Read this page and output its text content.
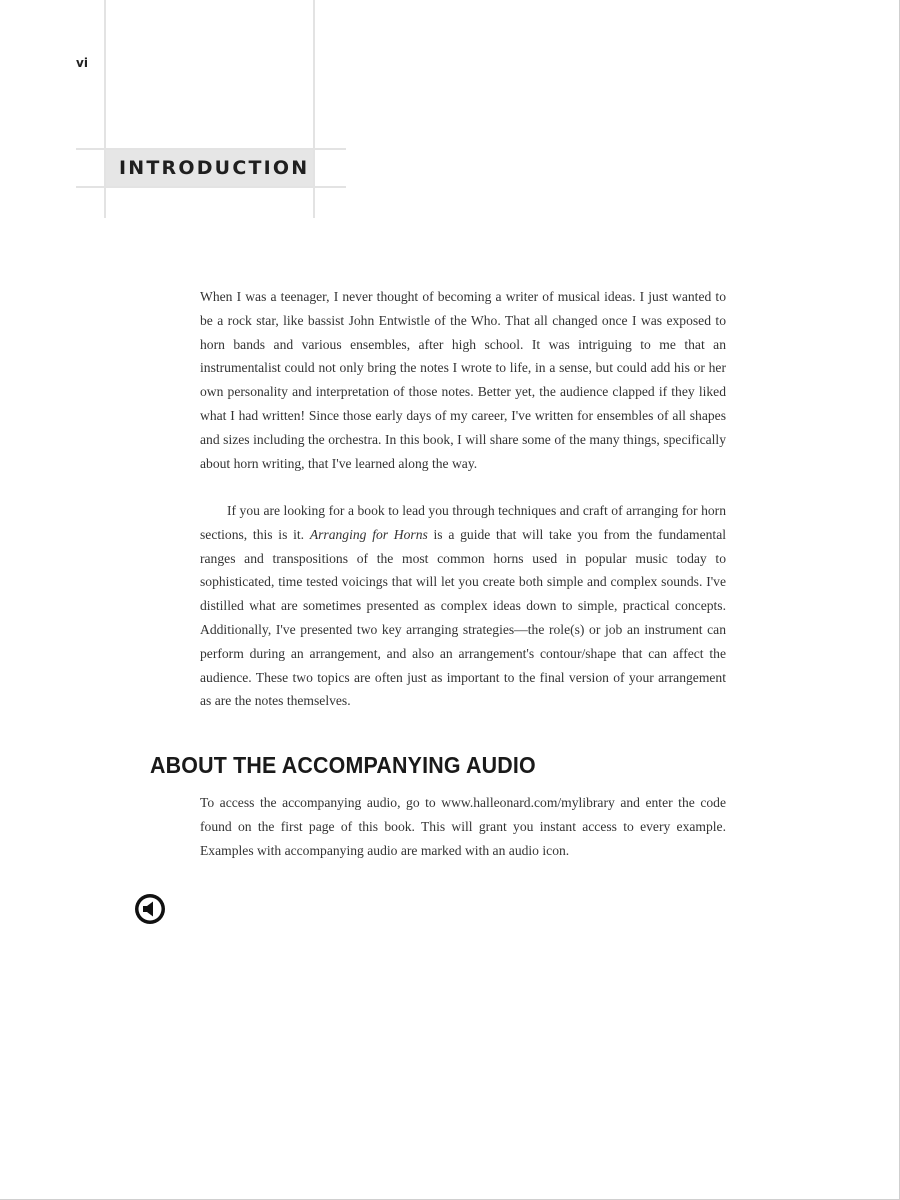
vi
INTRODUCTION

When I was a teenager, I never thought of becoming a writer of musical ideas. I just wanted to be a rock star, like bassist John Entwistle of the Who. That all changed once I was exposed to horn bands and various ensembles, after high school. It was intriguing to me that an instrumentalist could not only bring the notes I wrote to life, in a sense, but could add his or her own personality and interpretation of those notes. Better yet, the audience clapped if they liked what I had written! Since those early days of my career, I've written for ensembles of all shapes and sizes including the orchestra. In this book, I will share some of the many things, specifically about horn writing, that I've learned along the way.

If you are looking for a book to lead you through techniques and craft of arranging for horn sections, this is it. Arranging for Horns is a guide that will take you from the fundamental ranges and transpositions of the most common horns used in popular music today to sophisticated, time tested voicings that will let you create both simple and complex sounds. I've distilled what are sometimes presented as complex ideas down to simple, practical concepts. Additionally, I've presented two key arranging strategies—the role(s) or job an instrument can perform during an arrangement, and also an arrangement's contour/shape that can affect the audience. These two topics are often just as important to the final version of your arrangement as are the notes themselves.

ABOUT THE ACCOMPANYING AUDIO

To access the accompanying audio, go to www.halleonard.com/mylibrary and enter the code found on the first page of this book. This will grant you instant access to every example. Examples with accompanying audio are marked with an audio icon.
